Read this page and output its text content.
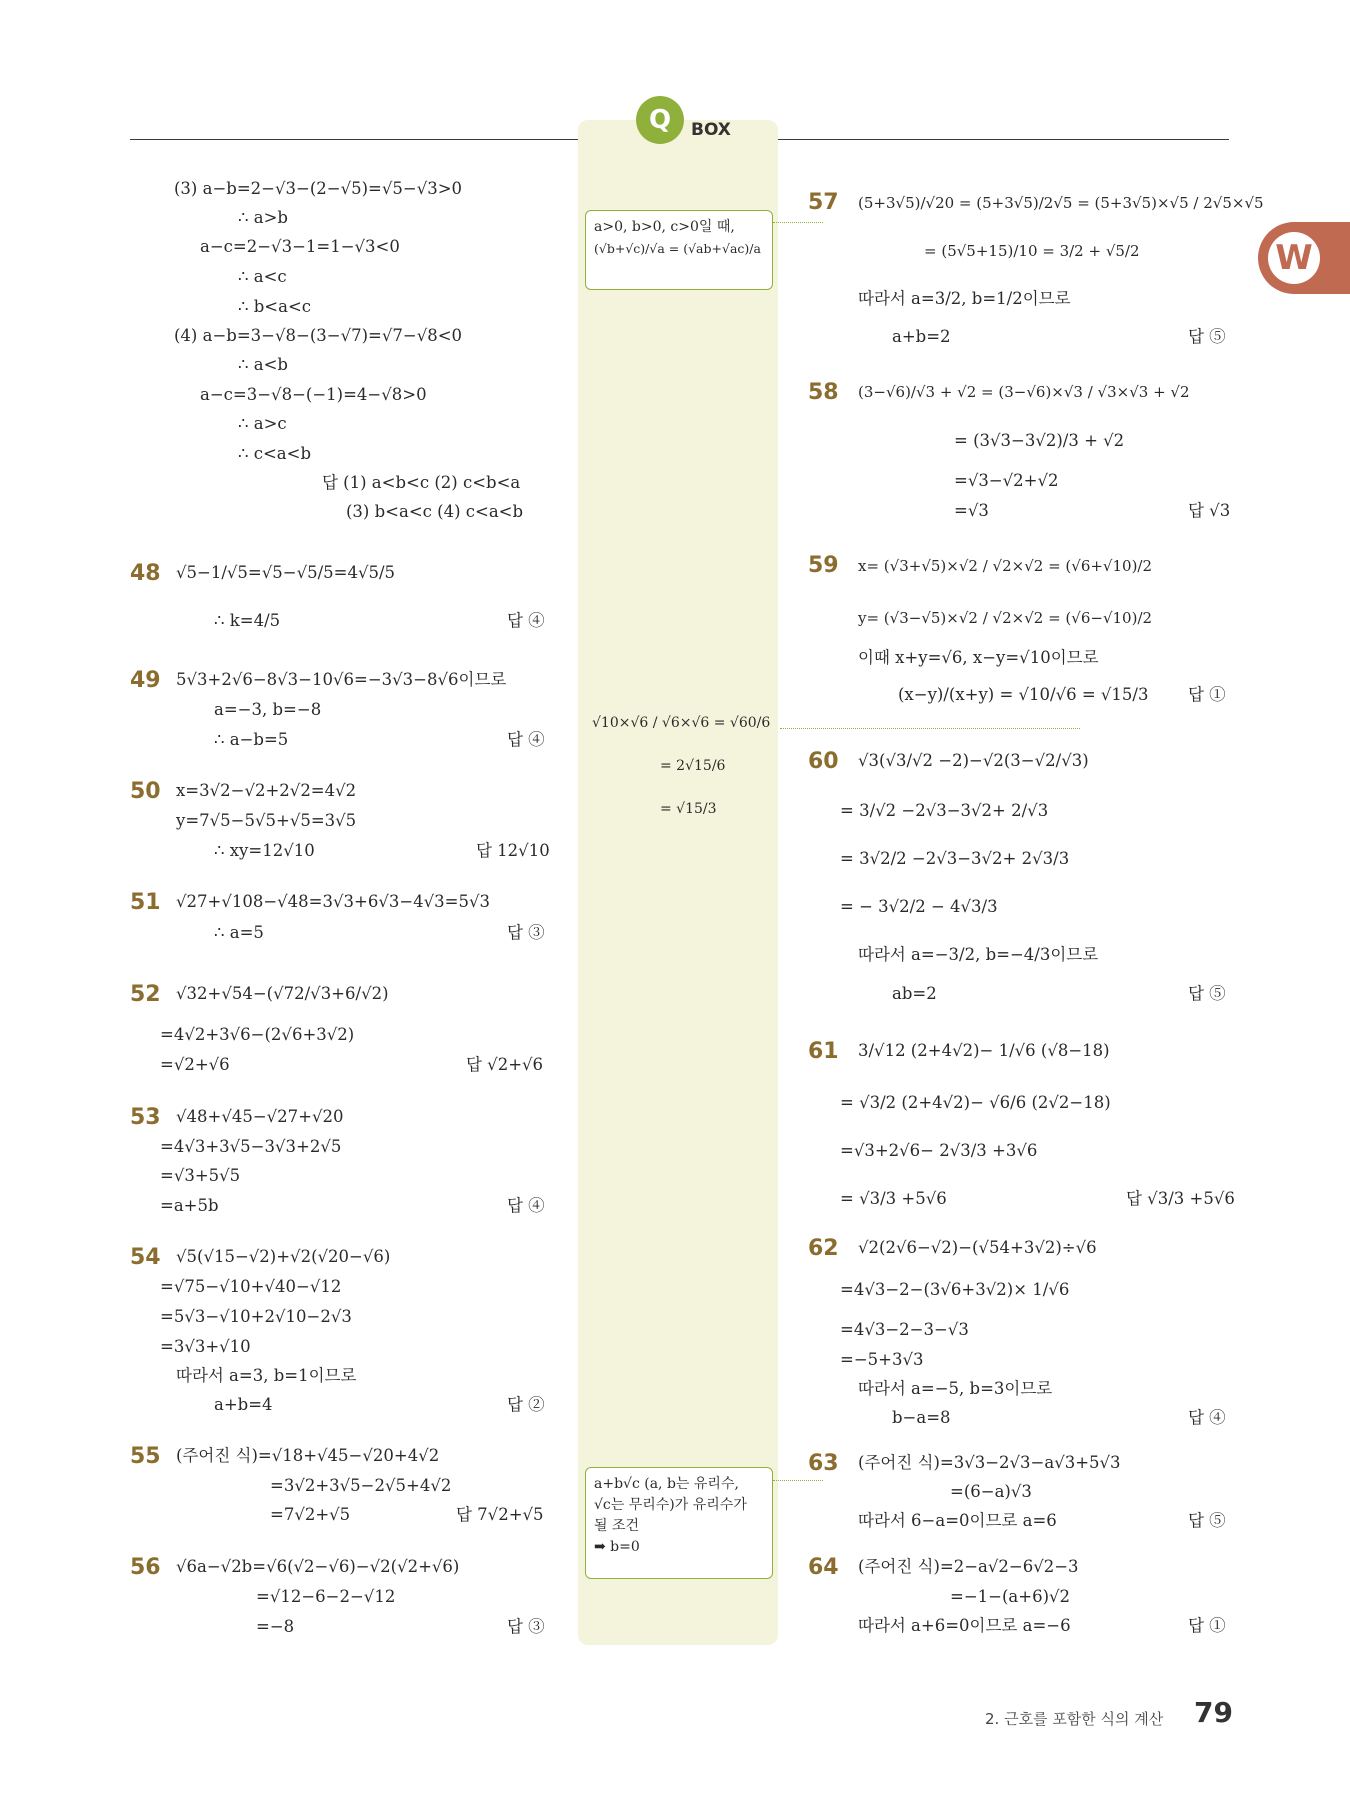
Q	BOX
W
(3) a−b=2−√3−(2−√5)=√5−√3>0
∴ a>b
a−c=2−√3−1=1−√3<0
∴ a<c
∴ b<a<c
(4) a−b=3−√8−(3−√7)=√7−√8<0
∴ a<b
a−c=3−√8−(−1)=4−√8>0
∴ a>c
∴ c<a<b
답 (1) a<b<c (2) c<b<a
(3) b<a<c (4) c<a<b
48 √5−1/√5=√5−√5/5=4√5/5
∴ k=4/5	답 ④
49 5√3+2√6−8√3−10√6=−3√3−8√6이므로
a=−3, b=−8
∴ a−b=5	답 ④
50 x=3√2−√2+2√2=4√2
y=7√5−5√5+√5=3√5
∴ xy=12√10	답 12√10
51 √27+√108−√48=3√3+6√3−4√3=5√3
∴ a=5	답 ③
52 √32+√54−(√72/√3+6/√2)
=4√2+3√6−(2√6+3√2)
=√2+√6	답 √2+√6
53 √48+√45−√27+√20
=4√3+3√5−3√3+2√5
=√3+5√5
=a+5b	답 ④
54 √5(√15−√2)+√2(√20−√6)
=√75−√10+√40−√12
=5√3−√10+2√10−2√3
=3√3+√10
따라서 a=3, b=1이므로
a+b=4	답 ②
55 (주어진 식)=√18+√45−√20+4√2
=3√2+3√5−2√5+4√2
=7√2+√5	답 7√2+√5
56 √6a−√2b=√6(√2−√6)−√2(√2+√6)
=√12−6−2−√12
=−8	답 ③
a>0, b>0, c>0일 때,
(√b+√c)/√a = (√ab+√ac)/a
√10×√6 / √6×√6 = √60/6
= 2√15/6
= √15/3
a+b√c (a, b는 유리수,
√c는 무리수)가 유리수가
될 조건
➡ b=0
57 (5+3√5)/√20 = (5+3√5)/2√5 = (5+3√5)×√5 / 2√5×√5
= (5√5+15)/10 = 3/2 + √5/2
따라서 a=3/2, b=1/2이므로
a+b=2	답 ⑤
58 (3−√6)/√3 + √2 = (3−√6)×√3 / √3×√3 + √2
= (3√3−3√2)/3 + √2
=√3−√2+√2
=√3	답 √3
59 x= (√3+√5)×√2 / √2×√2 = (√6+√10)/2
y= (√3−√5)×√2 / √2×√2 = (√6−√10)/2
이때 x+y=√6, x−y=√10이므로
(x−y)/(x+y) = √10/√6 = √15/3 답 ①
60 √3(√3/√2 −2)−√2(3−√2/√3)
= 3/√2 −2√3−3√2+ 2/√3
= 3√2/2 −2√3−3√2+ 2√3/3
= − 3√2/2 − 4√3/3
따라서 a=−3/2, b=−4/3이므로
ab=2	답 ⑤
61 3/√12 (2+4√2)− 1/√6 (√8−18)
= √3/2 (2+4√2)− √6/6 (2√2−18)
=√3+2√6− 2√3/3 +3√6
= √3/3 +5√6	답 √3/3 +5√6
62 √2(2√6−√2)−(√54+3√2)÷√6
=4√3−2−(3√6+3√2)× 1/√6
=4√3−2−3−√3
=−5+3√3
따라서 a=−5, b=3이므로
b−a=8	답 ④
63 (주어진 식)=3√3−2√3−a√3+5√3
=(6−a)√3
따라서 6−a=0이므로 a=6	답 ⑤
64 (주어진 식)=2−a√2−6√2−3
=−1−(a+6)√2
따라서 a+6=0이므로 a=−6	답 ①
2. 근호를 포함한 식의 계산 79
